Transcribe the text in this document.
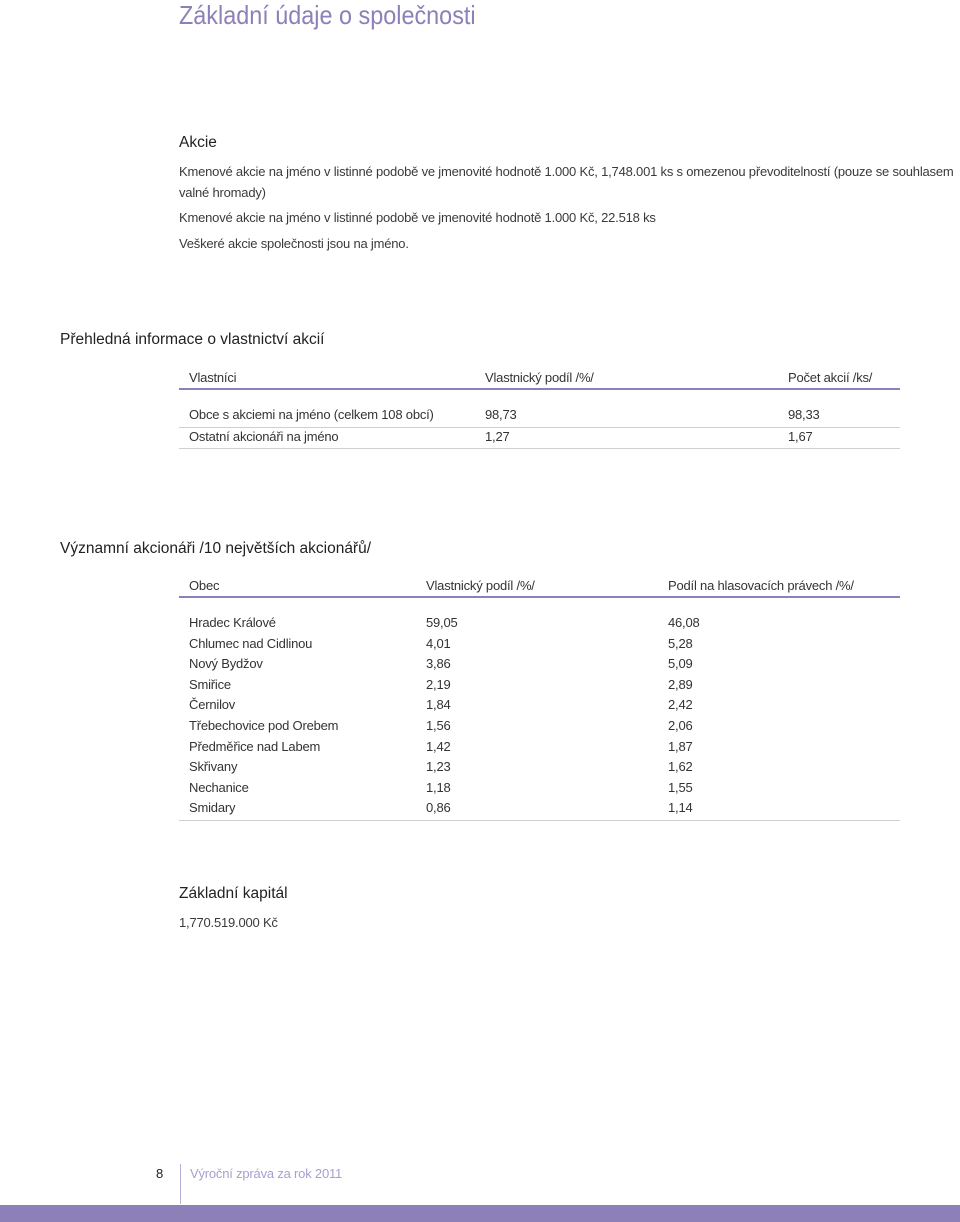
Základní údaje o společnosti
Akcie
Kmenové akcie na jméno v listinné podobě ve jmenovité hodnotě 1.000 Kč, 1,748.001 ks s omezenou převoditelností (pouze se souhlasem
valné hromady)
Kmenové akcie na jméno v listinné podobě ve jmenovité hodnotě 1.000 Kč, 22.518 ks
Veškeré akcie společnosti jsou na jméno.
Přehledná informace o vlastnictví akcií
Vlastníci	Vlastnický podíl /%/	Počet akcií /ks/
Obce s akciemi na jméno (celkem 108 obcí)	98,73	98,33
Ostatní akcionáři na jméno	1,27	1,67
Významní akcionáři /10 největších akcionářů/
Obec	Vlastnický podíl /%/	Podíl na hlasovacích právech /%/
Hradec Králové	59,05	46,08
Chlumec nad Cidlinou	4,01	5,28
Nový Bydžov	3,86	5,09
Smiřice	2,19	2,89
Černilov	1,84	2,42
Třebechovice pod Orebem	1,56	2,06
Předměřice nad Labem	1,42	1,87
Skřivany	1,23	1,62
Nechanice	1,18	1,55
Smidary	0,86	1,14
Základní kapitál
1,770.519.000 Kč
8 Výroční zpráva za rok 2011
